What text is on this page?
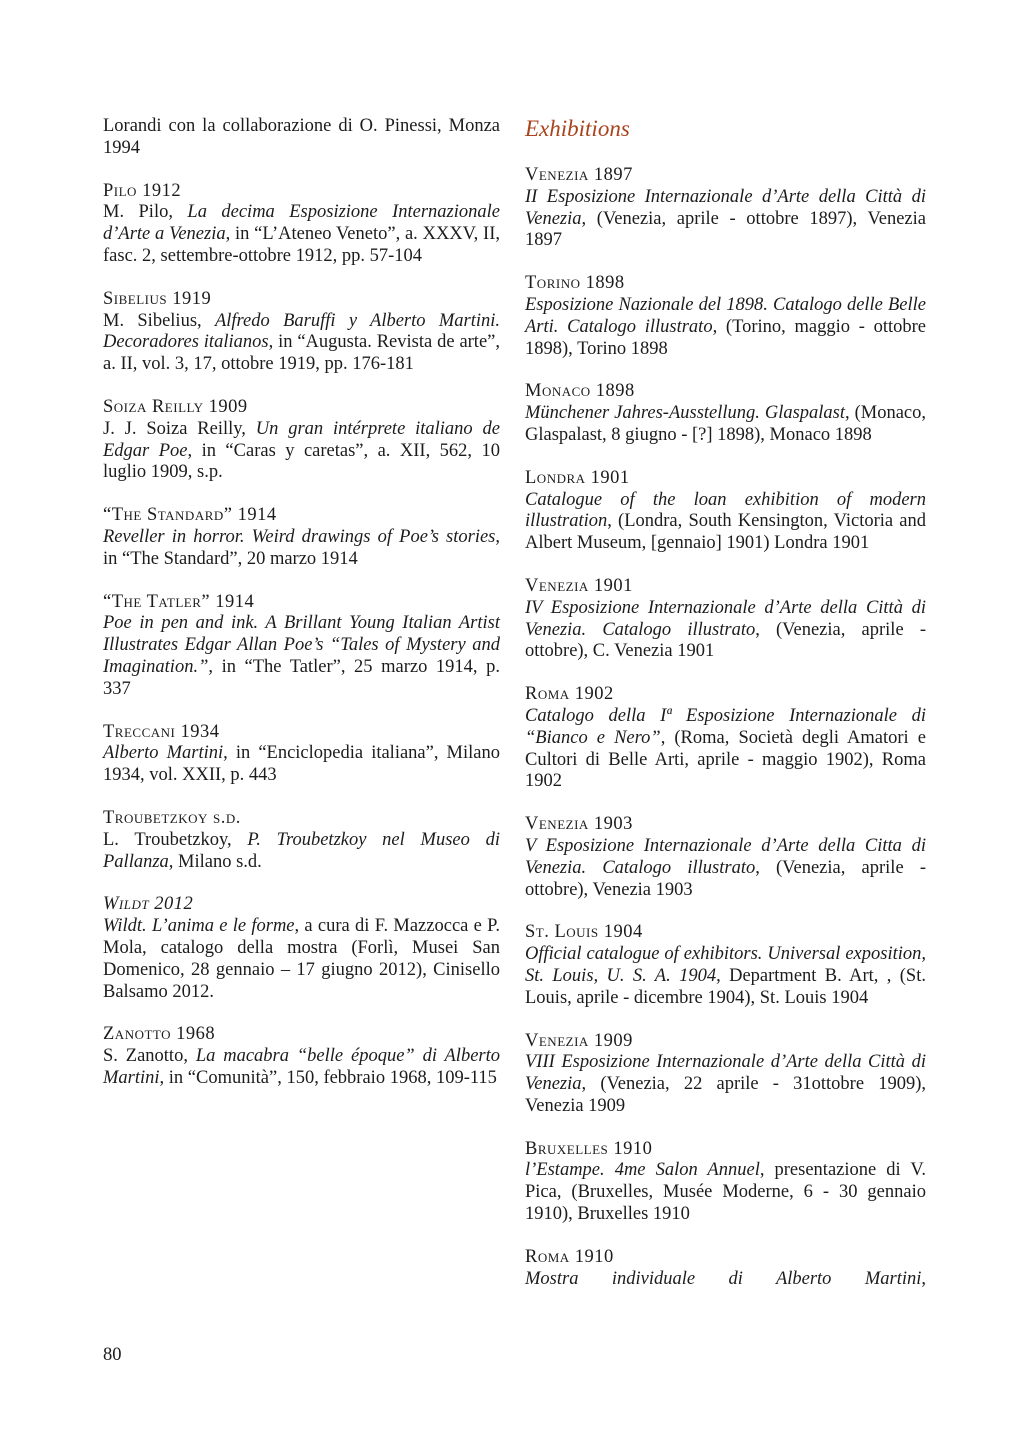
Lorandi con la collaborazione di O. Pinessi, Monza 1994

Pilo 1912

M. Pilo, La decima Esposizione Internazionale d’Arte a Venezia, in “L’Ateneo Veneto”, a. XXXV, II, fasc. 2, settembre-ottobre 1912, pp. 57-104

Sibelius 1919

M. Sibelius, Alfredo Baruffi y Alberto Martini. Decoradores italianos, in “Augusta. Revista de arte”, a. II, vol. 3, 17, ottobre 1919, pp. 176-181

Soiza Reilly 1909

J. J. Soiza Reilly, Un gran intérprete italiano de Edgar Poe, in “Caras y caretas”, a. XII, 562, 10 luglio 1909, s.p.

“The Standard” 1914

Reveller in horror. Weird drawings of Poe’s stories, in “The Standard”, 20 marzo 1914

“The Tatler” 1914

Poe in pen and ink. A Brillant Young Italian Artist Illustrates Edgar Allan Poe’s “Tales of Mystery and Imagination.”, in “The Tatler”, 25 marzo 1914, p. 337

Treccani 1934

Alberto Martini, in “Enciclopedia italiana”, Milano 1934, vol. XXII, p. 443

Troubetzkoy s.d.

L. Troubetzkoy, P. Troubetzkoy nel Museo di Pallanza, Milano s.d.

Wildt 2012

Wildt. L’anima e le forme, a cura di F. Mazzocca e P. Mola, catalogo della mostra (Forlì, Musei San Domenico, 28 gennaio – 17 giugno 2012), Cinisello Balsamo 2012.

Zanotto 1968

S. Zanotto, La macabra “belle époque” di Alberto Martini, in “Comunità”, 150, febbraio 1968, 109-115

Exhibitions
Venezia 1897

II Esposizione Internazionale d’Arte della Città di Venezia, (Venezia, aprile - ottobre 1897), Venezia 1897

Torino 1898

Esposizione Nazionale del 1898. Catalogo delle Belle Arti. Catalogo illustrato, (Torino, maggio - ottobre 1898), Torino 1898

Monaco 1898

Münchener Jahres-Ausstellung. Glaspalast, (Monaco, Glaspalast, 8 giugno - [?] 1898), Monaco 1898

Londra 1901

Catalogue of the loan exhibition of modern illustration, (Londra, South Kensington, Victoria and Albert Museum, [gennaio] 1901) Londra 1901

Venezia 1901

IV Esposizione Internazionale d’Arte della Città di Venezia. Catalogo illustrato, (Venezia, aprile - ottobre), C. Venezia 1901

Roma 1902

Catalogo della Iª Esposizione Internazionale di “Bianco e Nero”, (Roma, Società degli Amatori e Cultori di Belle Arti, aprile - maggio 1902), Roma 1902

Venezia 1903

V Esposizione Internazionale d’Arte della Citta di Venezia. Catalogo illustrato, (Venezia, aprile - ottobre), Venezia 1903

St. Louis 1904

Official catalogue of exhibitors. Universal exposition, St. Louis, U. S. A. 1904, Department B. Art, , (St. Louis, aprile - dicembre 1904), St. Louis 1904

Venezia 1909

VIII Esposizione Internazionale d’Arte della Città di Venezia, (Venezia, 22 aprile - 31ottobre 1909), Venezia 1909

Bruxelles 1910

l’Estampe. 4me Salon Annuel, presentazione di V. Pica, (Bruxelles, Musée Moderne, 6 - 30 gennaio 1910), Bruxelles 1910

Roma 1910

Mostra individuale di Alberto Martini,

80
